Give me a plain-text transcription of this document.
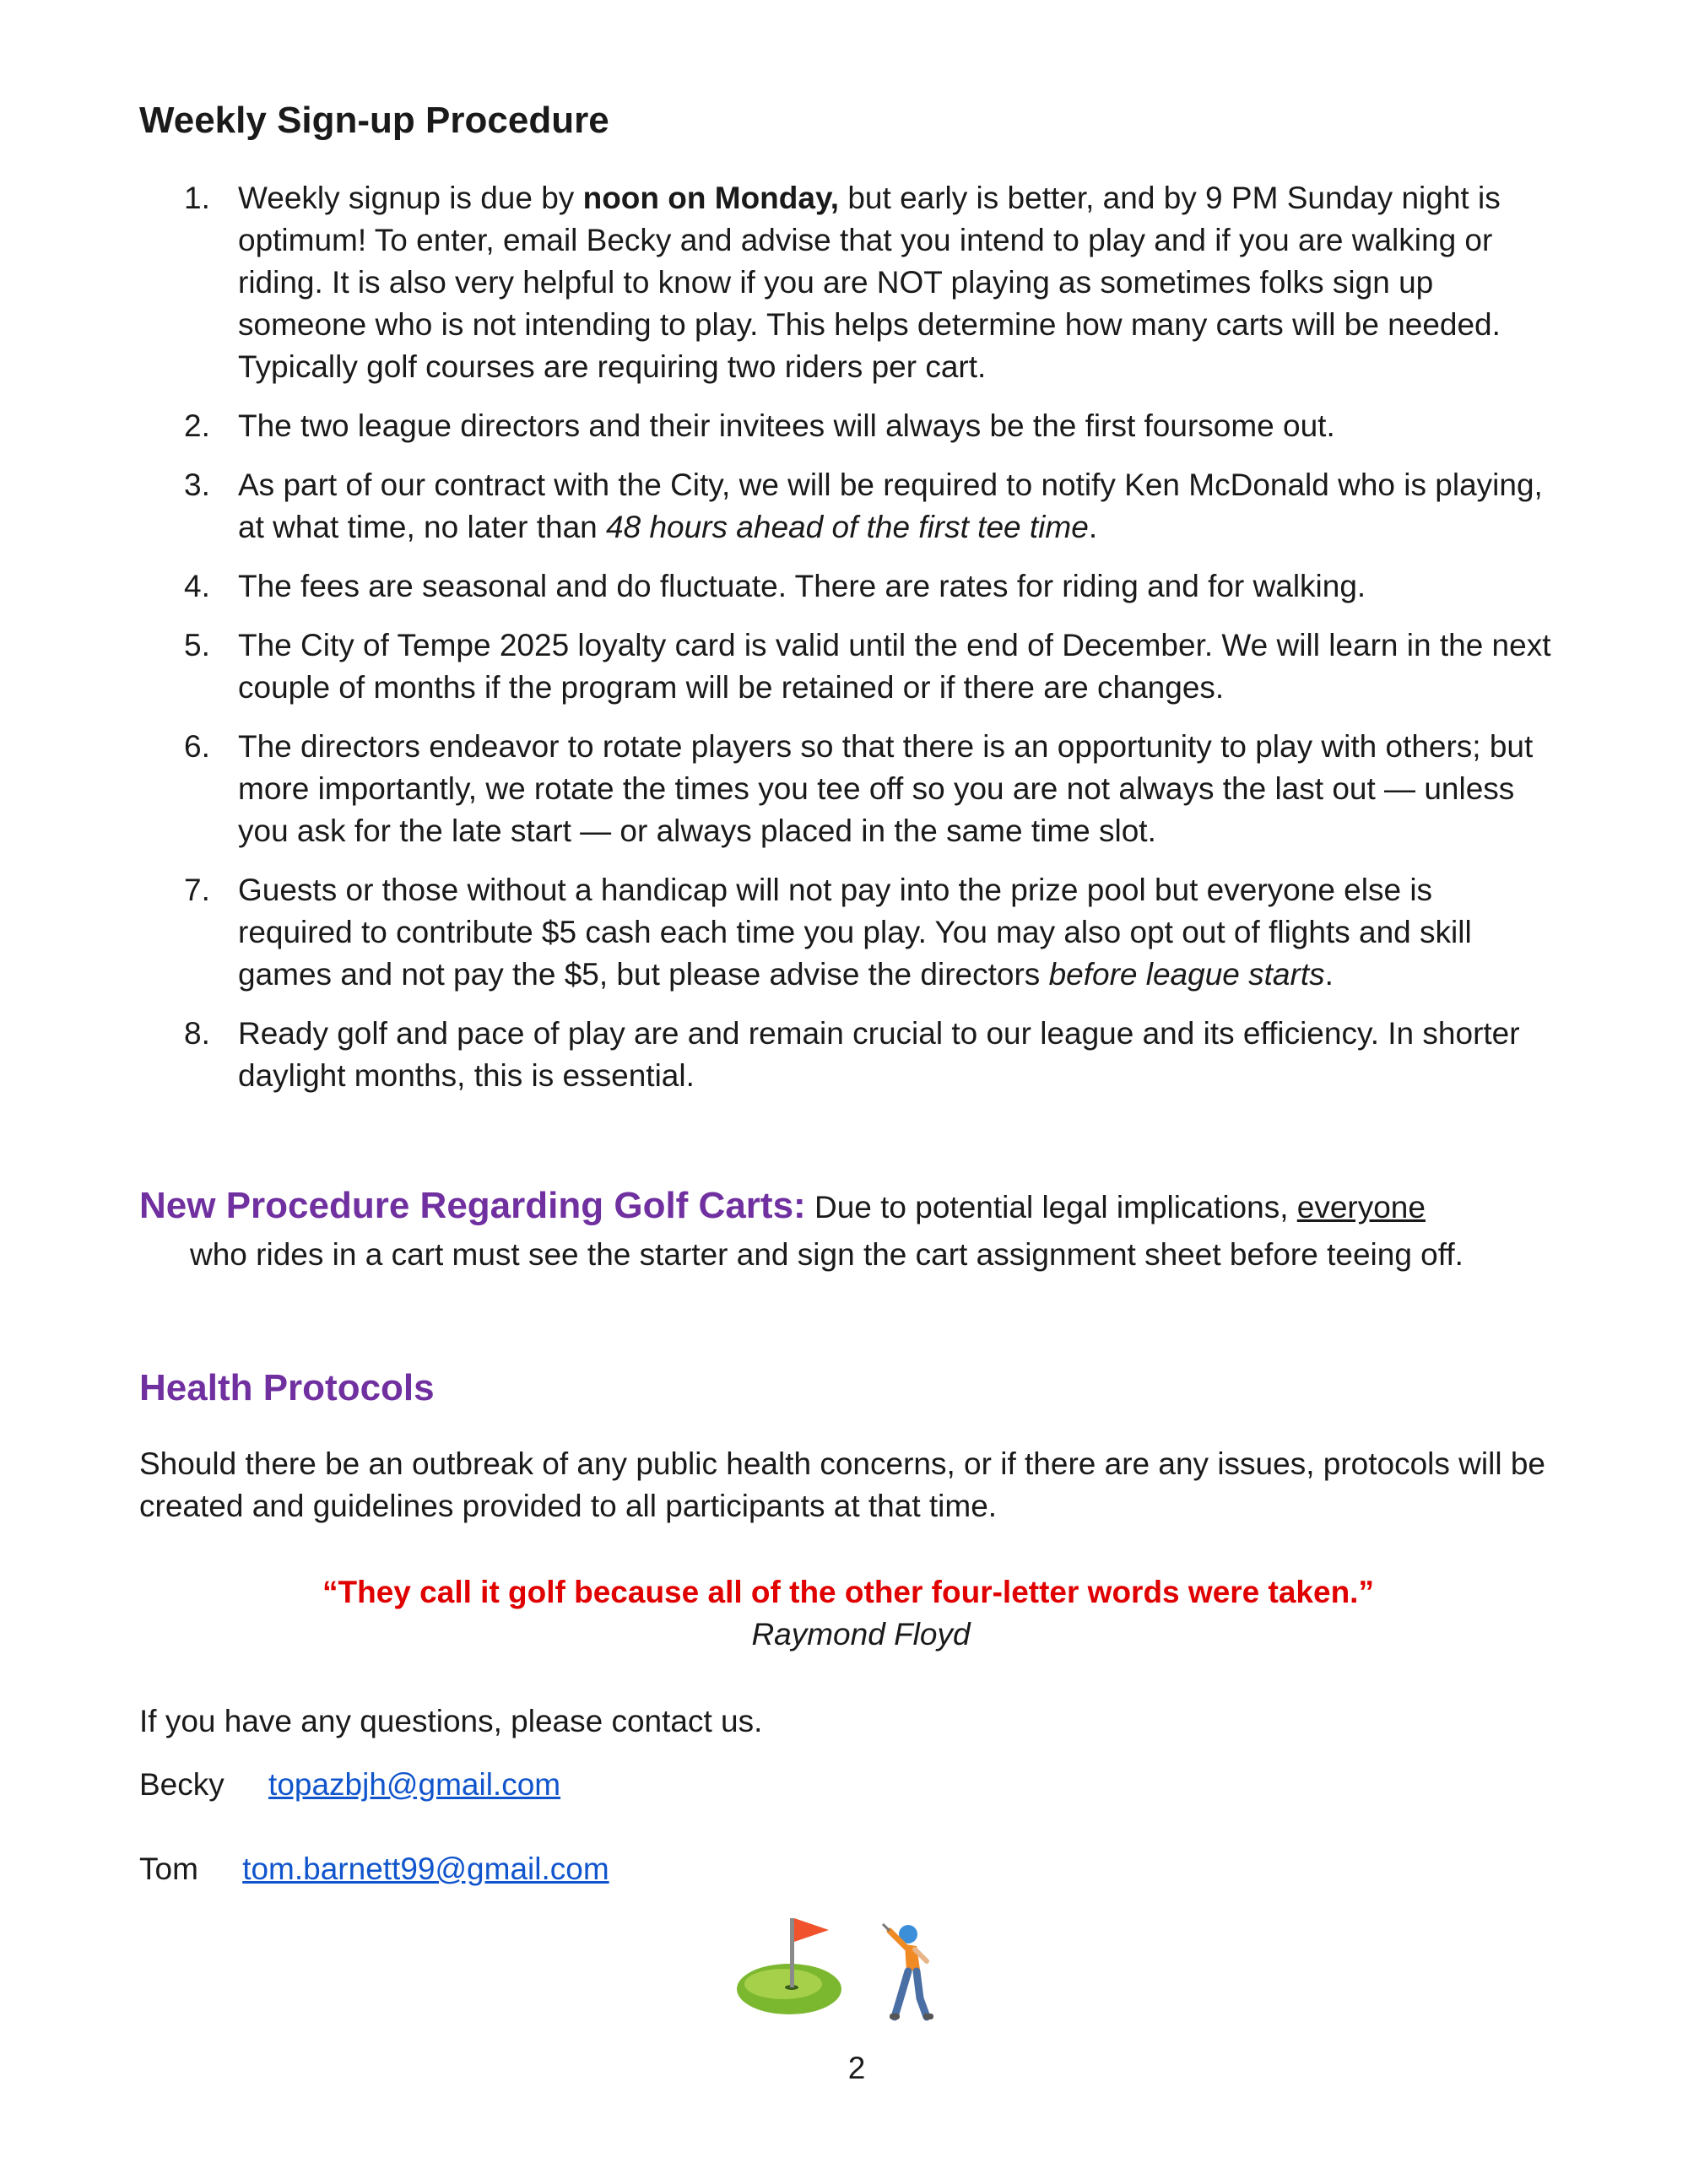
Weekly Sign-up Procedure
1. Weekly signup is due by noon on Monday, but early is better, and by 9 PM Sunday night is optimum! To enter, email Becky and advise that you intend to play and if you are walking or riding. It is also very helpful to know if you are NOT playing as sometimes folks sign up someone who is not intending to play. This helps determine how many carts will be needed. Typically golf courses are requiring two riders per cart.
2. The two league directors and their invitees will always be the first foursome out.
3. As part of our contract with the City, we will be required to notify Ken McDonald who is playing, at what time, no later than 48 hours ahead of the first tee time.
4. The fees are seasonal and do fluctuate. There are rates for riding and for walking.
5. The City of Tempe 2025 loyalty card is valid until the end of December. We will learn in the next couple of months if the program will be retained or if there are changes.
6. The directors endeavor to rotate players so that there is an opportunity to play with others; but more importantly, we rotate the times you tee off so you are not always the last out — unless you ask for the late start — or always placed in the same time slot.
7. Guests or those without a handicap will not pay into the prize pool but everyone else is required to contribute $5 cash each time you play. You may also opt out of flights and skill games and not pay the $5, but please advise the directors before league starts.
8. Ready golf and pace of play are and remain crucial to our league and its efficiency. In shorter daylight months, this is essential.
New Procedure Regarding Golf Carts: Due to potential legal implications, everyone
who rides in a cart must see the starter and sign the cart assignment sheet before teeing off.
Health Protocols
Should there be an outbreak of any public health concerns, or if there are any issues, protocols will be created and guidelines provided to all participants at that time.
“They call it golf because all of the other four-letter words were taken.”
Raymond Floyd
If you have any questions, please contact us.
Becky topazbjh@gmail.com
Tom tom.barnett99@gmail.com
2
